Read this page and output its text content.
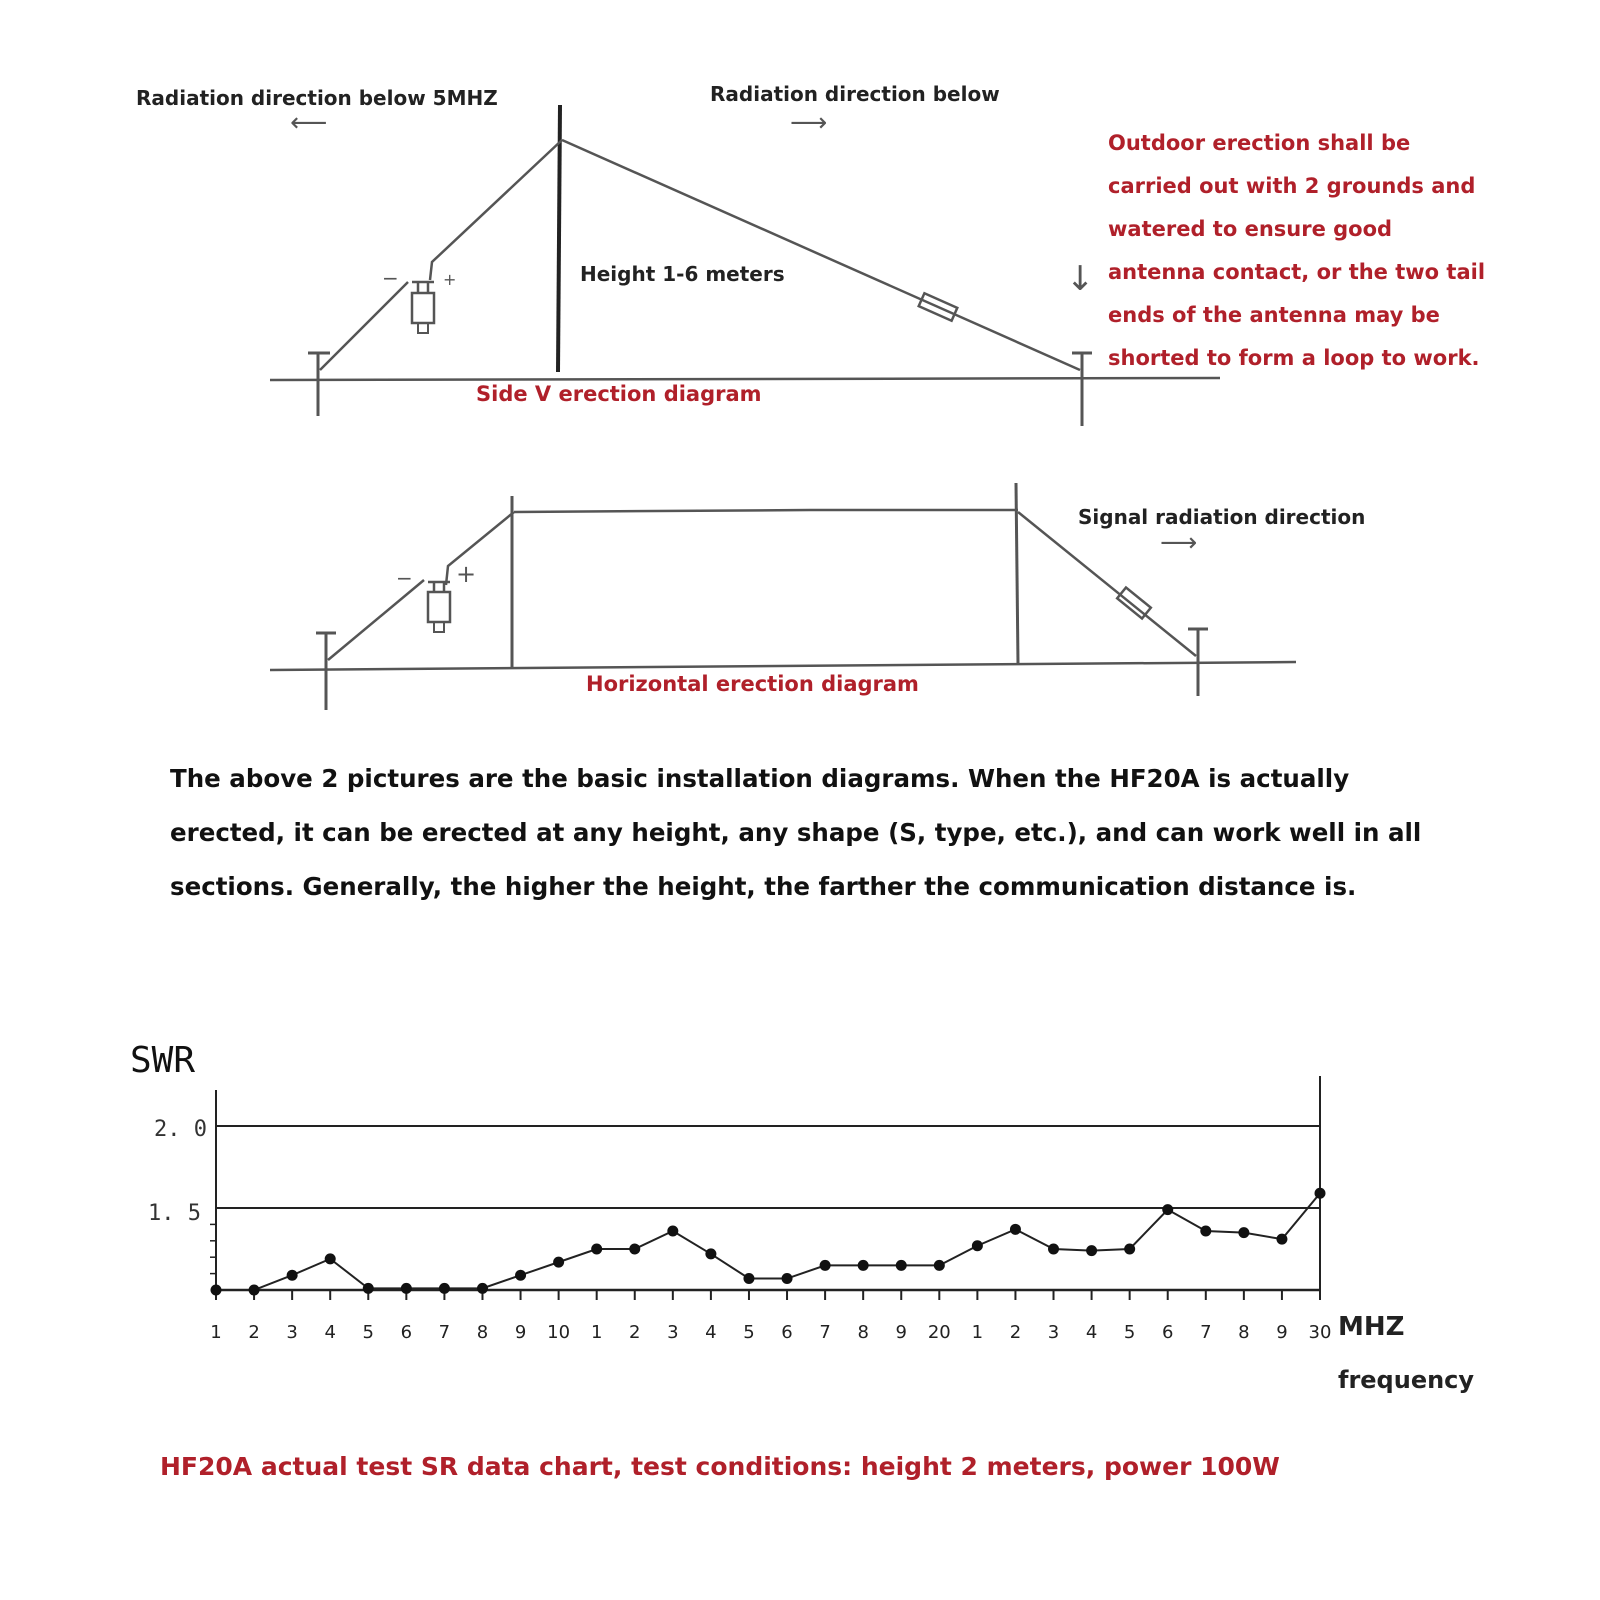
Radiation direction below 5MHZ
⟵
Radiation direction below
⟶
Height 1-6 meters
−	+
Side V erection diagram
↓
Outdoor erection shall be
carried out with 2 grounds and
watered to ensure good
antenna contact, or the two tail
ends of the antenna may be
shorted to form a loop to work.
Signal radiation direction
⟶
− +
Horizontal erection diagram
The above 2 pictures are the basic installation diagrams. When the HF20A is actually
erected, it can be erected at any height, any shape (S, type, etc.), and can work well in all
sections. Generally, the higher the height, the farther the communication distance is.
1 2 3 4 5 6 7 8 9 10 1 2 3 4 5 6 7 8 9 20 1 2 3 4 5 6 7 8 9 30
SWR
2. 0
1. 5
MHZ
frequency
HF20A actual test SR data chart, test conditions: height 2 meters, power 100W
